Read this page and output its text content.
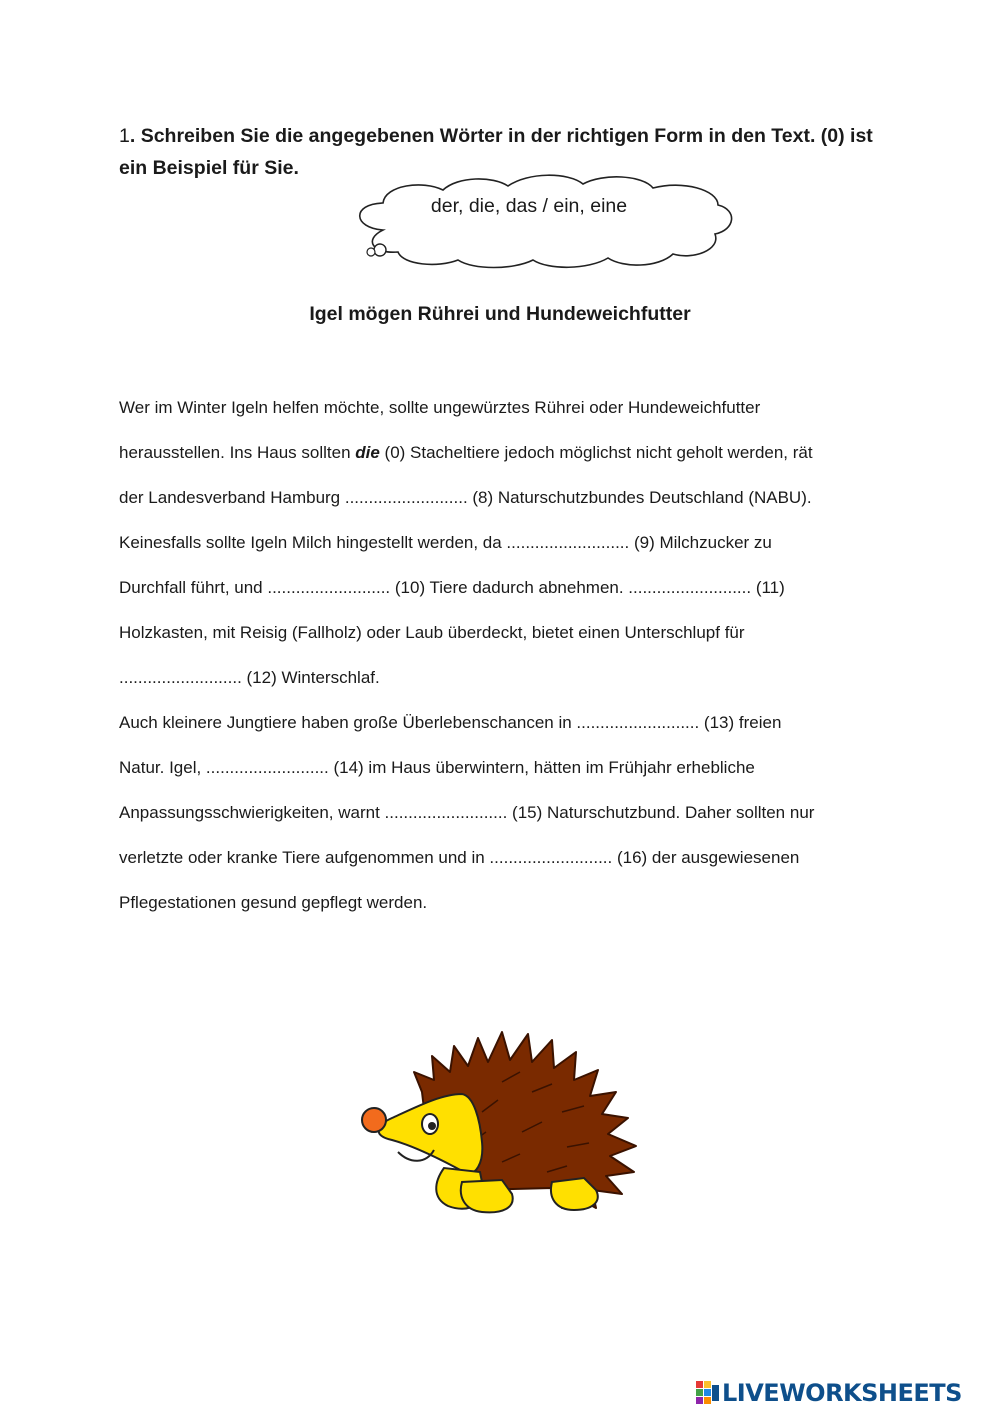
1. Schreiben Sie die angegebenen Wörter in der richtigen Form in den Text. (0) ist ein Beispiel für Sie.
der, die, das / ein, eine
Igel mögen Rührei und Hundeweichfutter
Wer im Winter Igeln helfen möchte, sollte ungewürztes Rührei oder Hundeweichfutter
herausstellen. Ins Haus sollten die (0) Stacheltiere jedoch möglichst nicht geholt werden, rät
der Landesverband Hamburg .......................... (8) Naturschutzbundes Deutschland (NABU).
Keinesfalls sollte Igeln Milch hingestellt werden, da .......................... (9) Milchzucker zu
Durchfall führt, und .......................... (10) Tiere dadurch abnehmen. .......................... (11)
Holzkasten, mit Reisig (Fallholz) oder Laub überdeckt, bietet einen Unterschlupf für
.......................... (12) Winterschlaf.
Auch kleinere Jungtiere haben große Überlebenschancen in .......................... (13) freien
Natur. Igel, .......................... (14) im Haus überwintern, hätten im Frühjahr erhebliche
Anpassungsschwierigkeiten, warnt .......................... (15) Naturschutzbund. Daher sollten nur
verletzte oder kranke Tiere aufgenommen und in .......................... (16) der ausgewiesenen
Pflegestationen gesund gepflegt werden.
LIVEWORKSHEETS
